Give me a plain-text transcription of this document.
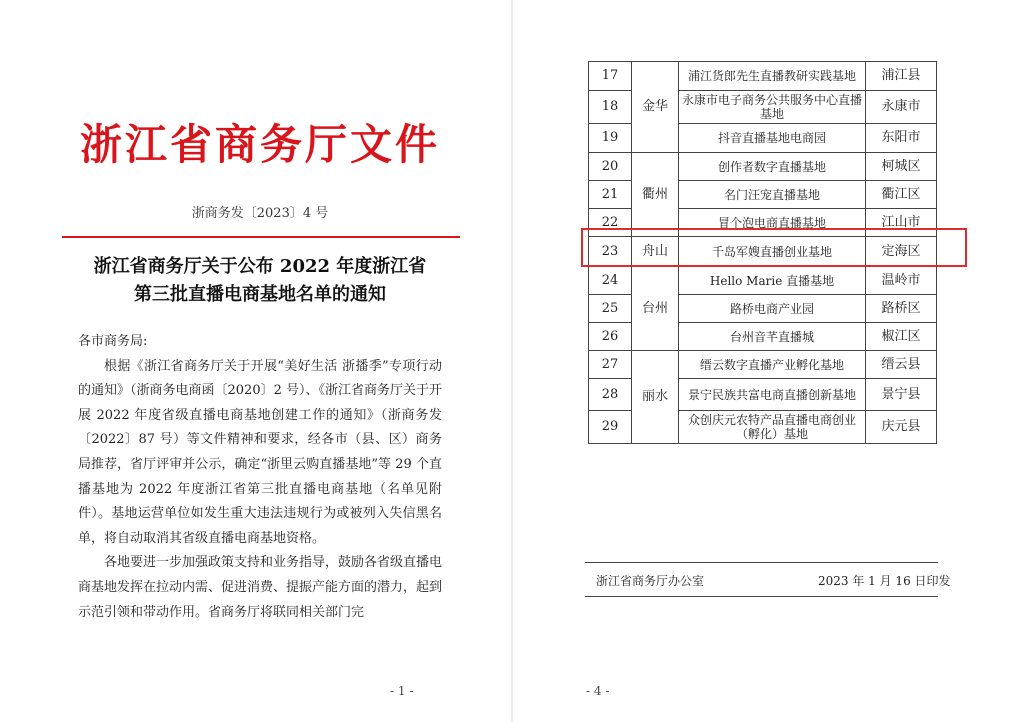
浙江省商务厅文件
浙商务发〔2023〕4 号
浙江省商务厅关于公布 2022 年度浙江省
第三批直播电商基地名单的通知

各市商务局:

根据《浙江省商务厅关于开展“美好生活 浙播季”专项行动的通知》（浙商务电商函〔2020〕2 号）、《浙江省商务厅关于开展 2022 年度省级直播电商基地创建工作的通知》（浙商务发〔2022〕87 号）等文件精神和要求，经各市（县、区）商务局推荐，省厅评审并公示，确定“浙里云购直播基地”等 29 个直播基地为 2022 年度浙江省第三批直播电商基地（名单见附件）。基地运营单位如发生重大违法违规行为或被列入失信黑名单，将自动取消其省级直播电商基地资格。

各地要进一步加强政策支持和业务指导，鼓励各省级直播电商基地发挥在拉动内需、促进消费、提振产能方面的潜力，起到示范引领和带动作用。省商务厅将联同相关部门完

- 1 -
17	金华	浦江货郎先生直播教研实践基地	浦江县
18		永康市电子商务公共服务中心直播基地	永康市
19		抖音直播基地电商园	东阳市
20	衢州	创作者数字直播基地	柯城区
21		名门汪宠直播基地	衢江区
22		冒个泡电商直播基地	江山市
23	舟山	千岛军嫂直播创业基地	定海区
24	台州	Hello Marie 直播基地	温岭市
25		路桥电商产业园	路桥区
26		台州音芊直播城	椒江区
27	丽水	缙云数字直播产业孵化基地	缙云县
28		景宁民族共富电商直播创新基地	景宁县
29		众创庆元农特产品直播电商创业（孵化）基地	庆元县
浙江省商务厅办公室	2023 年 1 月 16 日印发
- 4 -
